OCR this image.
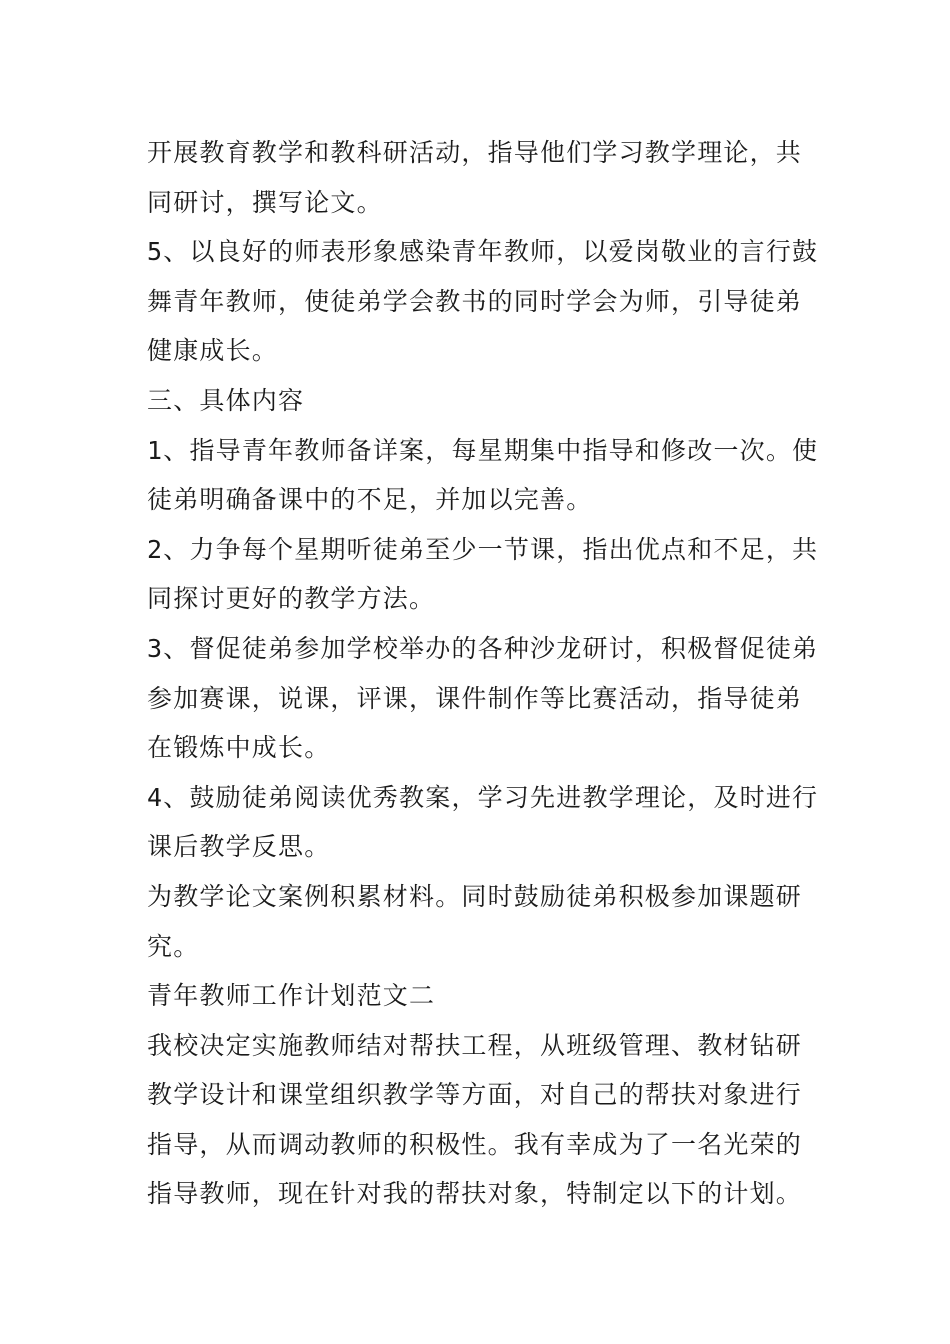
开展教育教学和教科研活动，指导他们学习教学理论，共
同研讨，撰写论文。
5、以良好的师表形象感染青年教师，以爱岗敬业的言行鼓
舞青年教师，使徒弟学会教书的同时学会为师，引导徒弟
健康成长。
三、具体内容
1、指导青年教师备详案，每星期集中指导和修改一次。使
徒弟明确备课中的不足，并加以完善。
2、力争每个星期听徒弟至少一节课，指出优点和不足，共
同探讨更好的教学方法。
3、督促徒弟参加学校举办的各种沙龙研讨，积极督促徒弟
参加赛课，说课，评课，课件制作等比赛活动，指导徒弟
在锻炼中成长。
4、鼓励徒弟阅读优秀教案，学习先进教学理论，及时进行
课后教学反思。
为教学论文案例积累材料。同时鼓励徒弟积极参加课题研
究。
青年教师工作计划范文二
我校决定实施教师结对帮扶工程，从班级管理、教材钻研
教学设计和课堂组织教学等方面，对自己的帮扶对象进行
指导，从而调动教师的积极性。我有幸成为了一名光荣的
指导教师，现在针对我的帮扶对象，特制定以下的计划。
